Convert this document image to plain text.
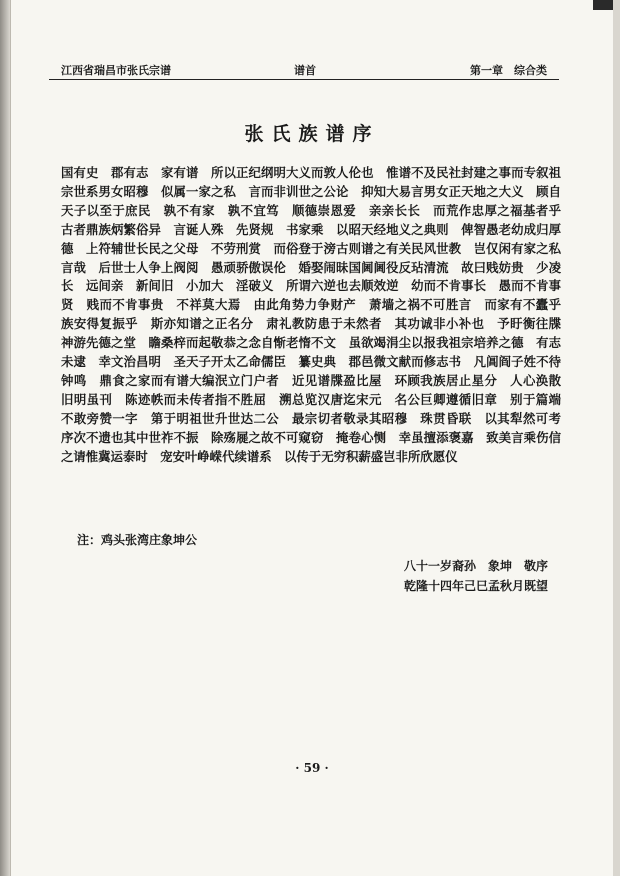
江西省瑞昌市张氏宗谱	谱首	第一章　综合类
张氏族谱序
国有史　郡有志　家有谱　所以正纪纲明大义而敦人伦也　惟谱不及民社封建之事而专叙祖宗世系男女昭穆　似属一家之私　言而非训世之公论　抑知大易言男女正天地之大义　顾自天子以至于庶民　孰不有家　孰不宜笃　顺德崇恩爱　亲亲长长　而荒作忠厚之福基者乎　古者鼎族炳繁俗异　言诞人殊　先贤规　书家乘　以昭天经地义之典则　俾智愚老幼成归厚德　上符辅世长民之父母　不劳刑赏　而俗登于滂古则谱之有关民风世教　岂仅闲有家之私言哉　后世士人争上阀阅　愚顽骄傲误伦　婚娶闹昧国阃阃役反玷清流　故曰贱妨贵　少凌长　远间亲　新间旧　小加大　淫破义　所谓六逆也去顺效逆　幼而不肯事长　愚而不肯事贤　贱而不肯事贵　不祥莫大焉　由此角势力争财产　萧墙之祸不可胜言　而家有不蠹乎　族安得复振乎　斯亦知谱之正名分　肃礼教防患于未然者　其功诚非小补也　予盱衡往牒　神游先德之堂　瞻桑梓而起敬恭之念自惭老惰不文　虽欲竭涓尘以报我祖宗培养之德　有志未逮　幸文治昌明　圣天子开太乙命儒臣　纂史典　郡邑微文献而修志书　凡阊阎子姓不待钟鸣　鼎食之家而有谱大编泯立门户者　近见谱牒盈比屋　环顾我族居止星分　人心涣散　旧明虽刊　陈迹帙而未传者指不胜屈　溯总览汉唐迄宋元　名公巨卿遵循旧章　别于篇端　不敢旁赞一字　第于明祖世升世达二公　最宗切者敬录其昭穆　珠贯昏联　以其犁然可考　序次不遗也其中世祚不振　除殇屣之故不可窥窃　掩卷心恻　幸虽擅添褒嘉　致美言乘伤信之请惟冀运泰时　宠安叶峥嵘代续谱系　以传于无穷积薪盛岂非所欣愿仪
注：鸡头张湾庄象坤公
八十一岁裔孙　象坤　敬序
乾隆十四年己巳孟秋月既望
· 59 ·
